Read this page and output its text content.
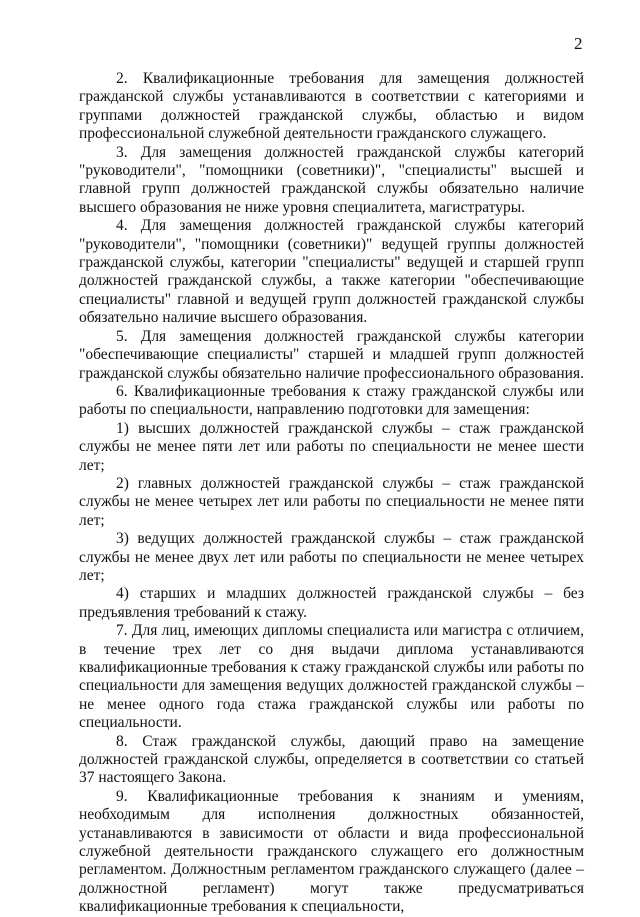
2

2. Квалификационные требования для замещения должностей гражданской службы устанавливаются в соответствии с категориями и группами должностей гражданской службы, областью и видом профессиональной служебной деятельности гражданского служащего.

3. Для замещения должностей гражданской службы категорий "руководители", "помощники (советники)", "специалисты" высшей и главной групп должностей гражданской службы обязательно наличие высшего образования не ниже уровня специалитета, магистратуры.

4. Для замещения должностей гражданской службы категорий "руководители", "помощники (советники)" ведущей группы должностей гражданской службы, категории "специалисты" ведущей и старшей групп должностей гражданской службы, а также категории "обеспечивающие специалисты" главной и ведущей групп должностей гражданской службы обязательно наличие высшего образования.

5. Для замещения должностей гражданской службы категории "обеспечивающие специалисты" старшей и младшей групп должностей гражданской службы обязательно наличие профессионального образования.

6. Квалификационные требования к стажу гражданской службы или работы по специальности, направлению подготовки для замещения:

1) высших должностей гражданской службы – стаж гражданской службы не менее пяти лет или работы по специальности не менее шести лет;

2) главных должностей гражданской службы – стаж гражданской службы не менее четырех лет или работы по специальности не менее пяти лет;

3) ведущих должностей гражданской службы – стаж гражданской службы не менее двух лет или работы по специальности не менее четырех лет;

4) старших и младших должностей гражданской службы – без предъявления требований к стажу.

7. Для лиц, имеющих дипломы специалиста или магистра с отличием, в течение трех лет со дня выдачи диплома устанавливаются квалификационные требования к стажу гражданской службы или работы по специальности для замещения ведущих должностей гражданской службы – не менее одного года стажа гражданской службы или работы по специальности.

8. Стаж гражданской службы, дающий право на замещение должностей гражданской службы, определяется в соответствии со статьей 37 настоящего Закона.

9. Квалификационные требования к знаниям и умениям, необходимым для исполнения должностных обязанностей, устанавливаются в зависимости от области и вида профессиональной служебной деятельности гражданского служащего его должностным регламентом. Должностным регламентом гражданского служащего (далее – должностной регламент) могут также предусматриваться квалификационные требования к специальности,
